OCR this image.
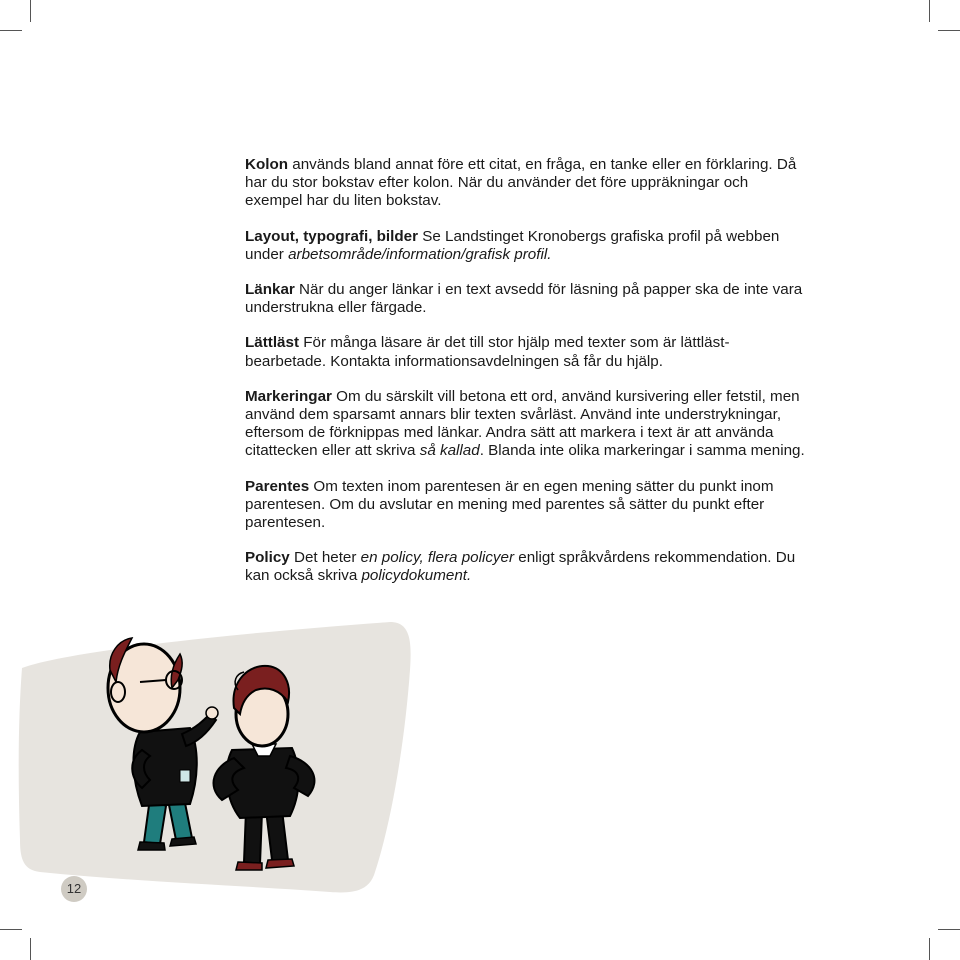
Kolon används bland annat före ett citat, en fråga, en tanke eller en förklaring. Då har du stor bokstav efter kolon. När du använder det före uppräkningar och exempel har du liten bokstav.

Layout, typografi, bilder Se Landstinget Kronobergs grafiska profil på webben under arbetsområde/information/grafisk profil.

Länkar När du anger länkar i en text avsedd för läsning på papper ska de inte vara understrukna eller färgade.

Lättläst För många läsare är det till stor hjälp med texter som är lättlästbearbetade. Kontakta informationsavdelningen så får du hjälp.

Markeringar Om du särskilt vill betona ett ord, använd kursivering eller fetstil, men använd dem sparsamt annars blir texten svårläst. Använd inte understrykningar, eftersom de förknippas med länkar. Andra sätt att markera i text är att använda citattecken eller att skriva så kallad. Blanda inte olika markeringar i samma mening.

Parentes Om texten inom parentesen är en egen mening sätter du punkt inom parentesen. Om du avslutar en mening med parentes så sätter du punkt efter parentesen.

Policy Det heter en policy, flera policyer enligt språkvårdens rekommendation. Du kan också skriva policydokument.

12
